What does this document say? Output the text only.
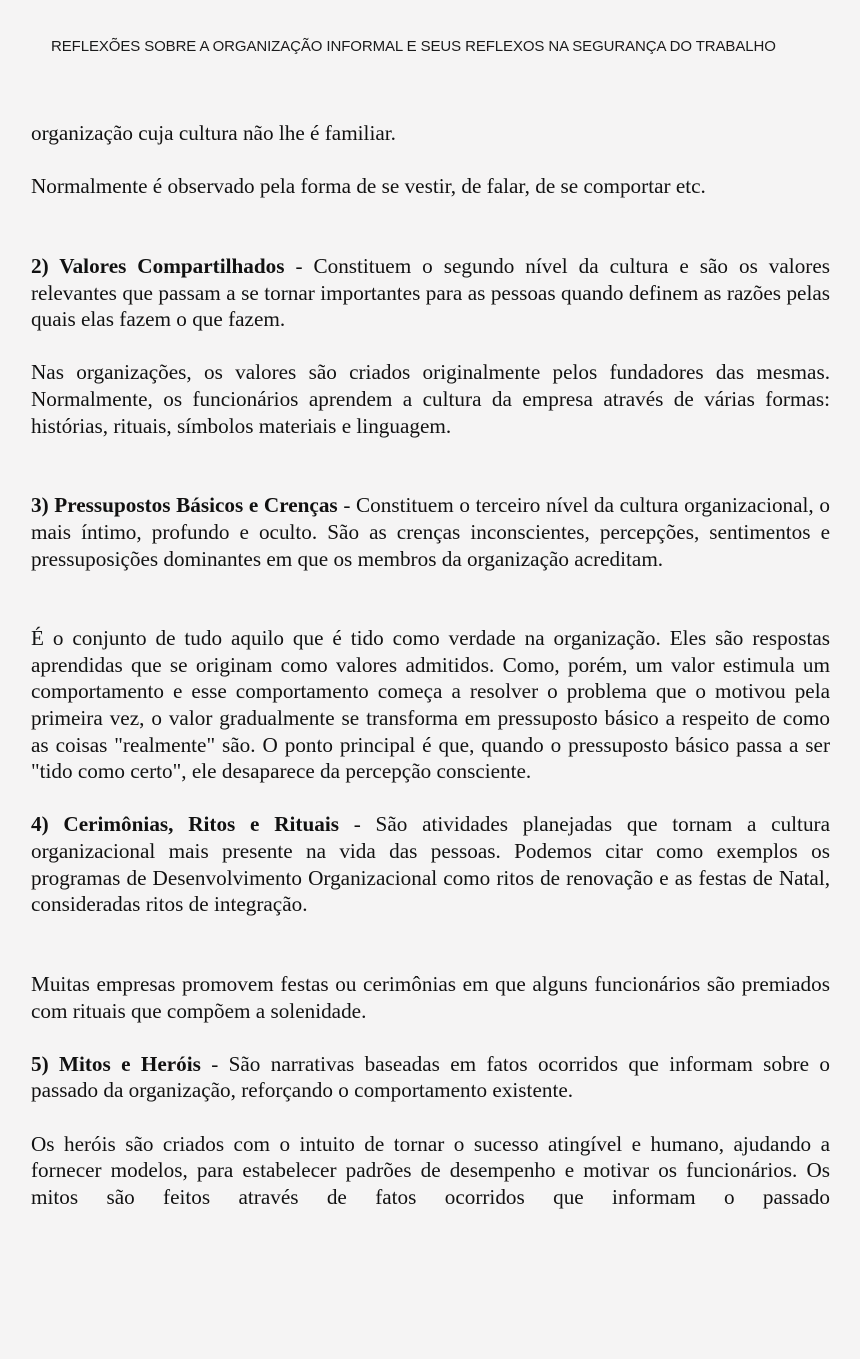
REFLEXÕES SOBRE A ORGANIZAÇÃO INFORMAL E SEUS REFLEXOS NA SEGURANÇA DO TRABALHO

organização cuja cultura não lhe é familiar.

Normalmente é observado pela forma de se vestir, de falar, de se comportar etc.

2) Valores Compartilhados - Constituem o segundo nível da cultura e são os valores relevantes que passam a se tornar importantes para as pessoas quando definem as razões pelas quais elas fazem o que fazem.

Nas organizações, os valores são criados originalmente pelos fundadores das mesmas. Normalmente, os funcionários aprendem a cultura da empresa através de várias formas: histórias, rituais, símbolos materiais e linguagem.

3) Pressupostos Básicos e Crenças - Constituem o terceiro nível da cultura organizacional, o mais íntimo, profundo e oculto. São as crenças inconscientes, percepções, sentimentos e pressuposições dominantes em que os membros da organização acreditam.

É o conjunto de tudo aquilo que é tido como verdade na organização. Eles são respostas aprendidas que se originam como valores admitidos. Como, porém, um valor estimula um comportamento e esse comportamento começa a resolver o problema que o motivou pela primeira vez, o valor gradualmente se transforma em pressuposto básico a respeito de como as coisas "realmente" são. O ponto principal é que, quando o pressuposto básico passa a ser "tido como certo", ele desaparece da percepção consciente.

4) Cerimônias, Ritos e Rituais - São atividades planejadas que tornam a cultura organizacional mais presente na vida das pessoas. Podemos citar como exemplos os programas de Desenvolvimento Organizacional como ritos de renovação e as festas de Natal, consideradas ritos de integração.

Muitas empresas promovem festas ou cerimônias em que alguns funcionários são premiados com rituais que compõem a solenidade.

5) Mitos e Heróis - São narrativas baseadas em fatos ocorridos que informam sobre o passado da organização, reforçando o comportamento existente.

Os heróis são criados com o intuito de tornar o sucesso atingível e humano, ajudando a fornecer modelos, para estabelecer padrões de desempenho e motivar os funcionários. Os mitos são feitos através de fatos ocorridos que informam o passado
